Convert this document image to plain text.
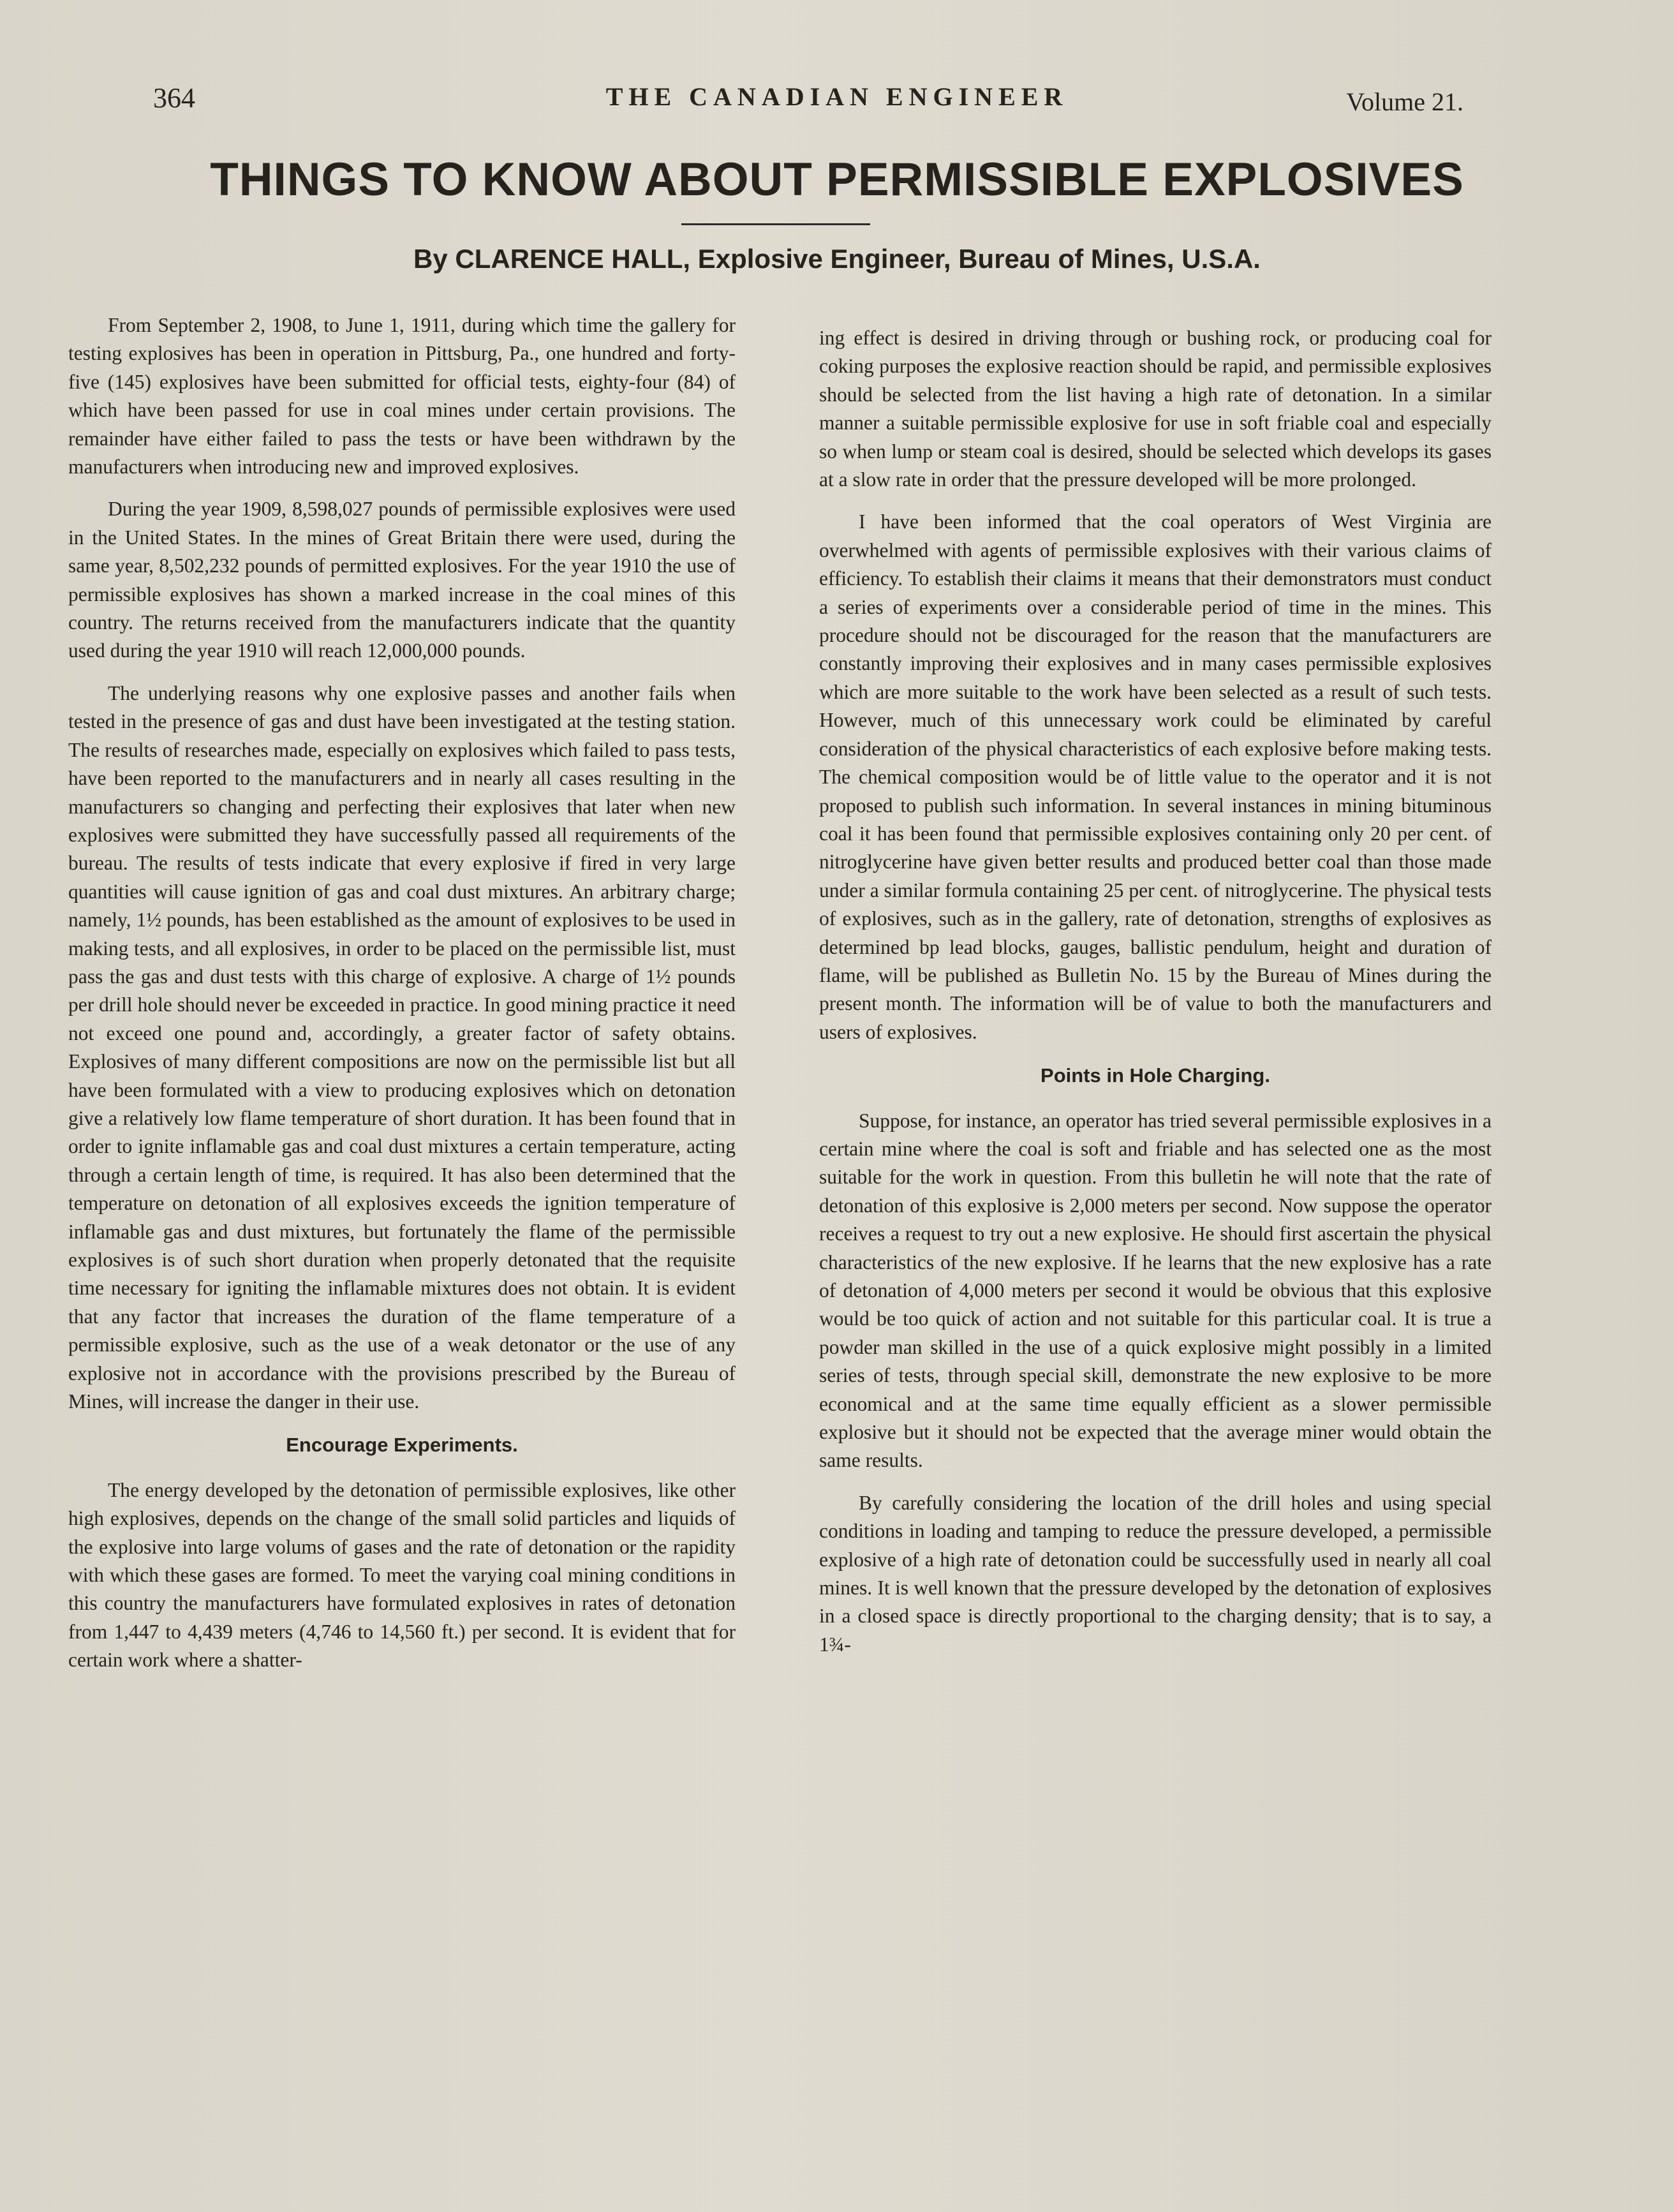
364	THE CANADIAN ENGINEER	Volume 21.
THINGS TO KNOW ABOUT PERMISSIBLE EXPLOSIVES

By CLARENCE HALL, Explosive Engineer, Bureau of Mines, U.S.A.

From September 2, 1908, to June 1, 1911, during which time the gallery for testing explosives has been in operation in Pittsburg, Pa., one hundred and forty-five (145) explosives have been submitted for official tests, eighty-four (84) of which have been passed for use in coal mines under certain provisions. The remainder have either failed to pass the tests or have been withdrawn by the manufacturers when introducing new and improved explosives.

During the year 1909, 8,598,027 pounds of permissible explosives were used in the United States. In the mines of Great Britain there were used, during the same year, 8,502,232 pounds of permitted explosives. For the year 1910 the use of permissible explosives has shown a marked increase in the coal mines of this country. The returns received from the manufacturers indicate that the quantity used during the year 1910 will reach 12,000,000 pounds.

The underlying reasons why one explosive passes and another fails when tested in the presence of gas and dust have been investigated at the testing station. The results of researches made, especially on explosives which failed to pass tests, have been reported to the manufacturers and in nearly all cases resulting in the manufacturers so changing and perfecting their explosives that later when new explosives were submitted they have successfully passed all requirements of the bureau. The results of tests indicate that every explosive if fired in very large quantities will cause ignition of gas and coal dust mixtures. An arbitrary charge; namely, 1½ pounds, has been established as the amount of explosives to be used in making tests, and all explosives, in order to be placed on the permissible list, must pass the gas and dust tests with this charge of explosive. A charge of 1½ pounds per drill hole should never be exceeded in practice. In good mining practice it need not exceed one pound and, accordingly, a greater factor of safety obtains. Explosives of many different compositions are now on the permissible list but all have been formulated with a view to producing explosives which on detonation give a relatively low flame temperature of short duration. It has been found that in order to ignite inflamable gas and coal dust mixtures a certain temperature, acting through a certain length of time, is required. It has also been determined that the temperature on detonation of all explosives exceeds the ignition temperature of inflamable gas and dust mixtures, but fortunately the flame of the permissible explosives is of such short duration when properly detonated that the requisite time necessary for igniting the inflamable mixtures does not obtain. It is evident that any factor that increases the duration of the flame temperature of a permissible explosive, such as the use of a weak detonator or the use of any explosive not in accordance with the provisions prescribed by the Bureau of Mines, will increase the danger in their use.

Encourage Experiments.

The energy developed by the detonation of permissible explosives, like other high explosives, depends on the change of the small solid particles and liquids of the explosive into large volums of gases and the rate of detonation or the rapidity with which these gases are formed. To meet the varying coal mining conditions in this country the manufacturers have formulated explosives in rates of detonation from 1,447 to 4,439 meters (4,746 to 14,560 ft.) per second. It is evident that for certain work where a shatter-

ing effect is desired in driving through or bushing rock, or producing coal for coking purposes the explosive reaction should be rapid, and permissible explosives should be selected from the list having a high rate of detonation. In a similar manner a suitable permissible explosive for use in soft friable coal and especially so when lump or steam coal is desired, should be selected which develops its gases at a slow rate in order that the pressure developed will be more prolonged.

I have been informed that the coal operators of West Virginia are overwhelmed with agents of permissible explosives with their various claims of efficiency. To establish their claims it means that their demonstrators must conduct a series of experiments over a considerable period of time in the mines. This procedure should not be discouraged for the reason that the manufacturers are constantly improving their explosives and in many cases permissible explosives which are more suitable to the work have been selected as a result of such tests. However, much of this unnecessary work could be eliminated by careful consideration of the physical characteristics of each explosive before making tests. The chemical composition would be of little value to the operator and it is not proposed to publish such information. In several instances in mining bituminous coal it has been found that permissible explosives containing only 20 per cent. of nitroglycerine have given better results and produced better coal than those made under a similar formula containing 25 per cent. of nitroglycerine. The physical tests of explosives, such as in the gallery, rate of detonation, strengths of explosives as determined bp lead blocks, gauges, ballistic pendulum, height and duration of flame, will be published as Bulletin No. 15 by the Bureau of Mines during the present month. The information will be of value to both the manufacturers and users of explosives.

Points in Hole Charging.

Suppose, for instance, an operator has tried several permissible explosives in a certain mine where the coal is soft and friable and has selected one as the most suitable for the work in question. From this bulletin he will note that the rate of detonation of this explosive is 2,000 meters per second. Now suppose the operator receives a request to try out a new explosive. He should first ascertain the physical characteristics of the new explosive. If he learns that the new explosive has a rate of detonation of 4,000 meters per second it would be obvious that this explosive would be too quick of action and not suitable for this particular coal. It is true a powder man skilled in the use of a quick explosive might possibly in a limited series of tests, through special skill, demonstrate the new explosive to be more economical and at the same time equally efficient as a slower permissible explosive but it should not be expected that the average miner would obtain the same results.

By carefully considering the location of the drill holes and using special conditions in loading and tamping to reduce the pressure developed, a permissible explosive of a high rate of detonation could be successfully used in nearly all coal mines. It is well known that the pressure developed by the detonation of explosives in a closed space is directly proportional to the charging density; that is to say, a 1¾-
